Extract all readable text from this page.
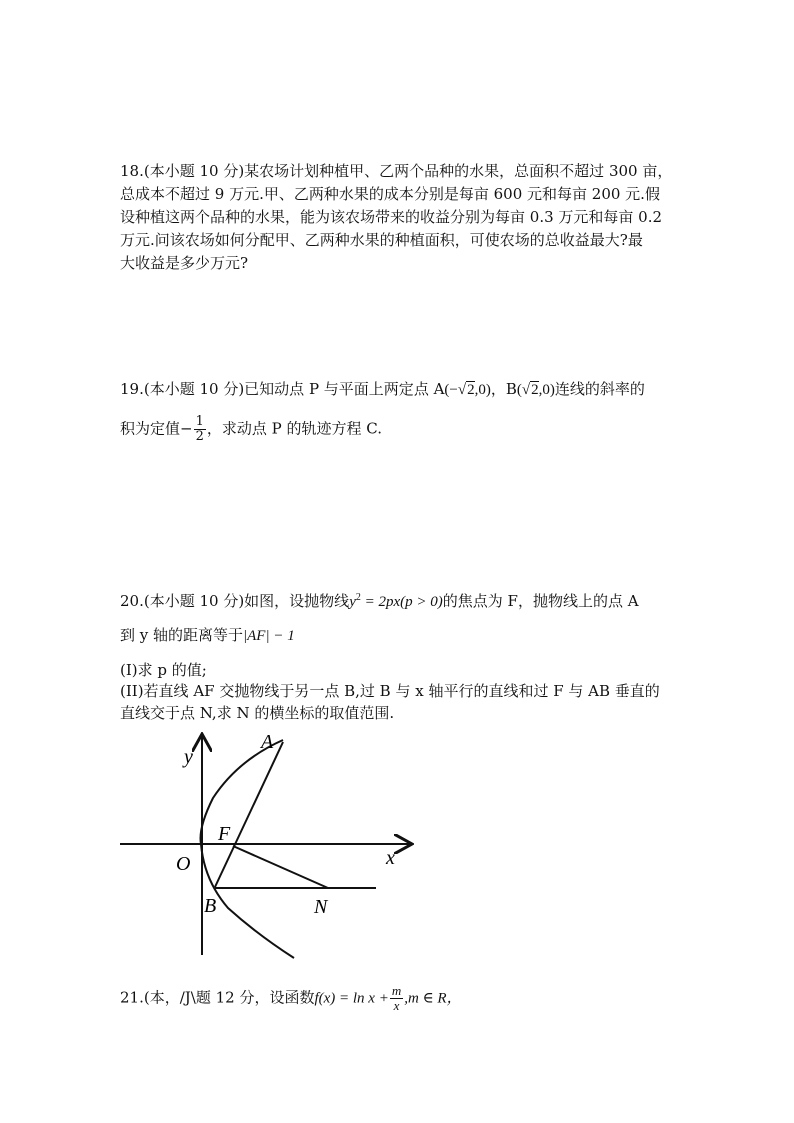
18.(本小题 10 分)某农场计划种植甲、乙两个品种的水果，总面积不超过 300 亩，

总成本不超过 9 万元.甲、乙两种水果的成本分别是每亩 600 元和每亩 200 元.假

设种植这两个品种的水果，能为该农场带来的收益分别为每亩 0.3 万元和每亩 0.2

万元.问该农场如何分配甲、乙两种水果的种植面积，可使农场的总收益最大?最

大收益是多少万元?

19.(本小题 10 分)已知动点 P 与平面上两定点 A(−√2,0)，B(√2,0)连线的斜率的

积为定值− $\frac{1}{2}$ ，求动点 P 的轨迹方程 C.

20.(本小题 10 分)如图，设抛物线$y^2 = 2px(p > 0)$的焦点为 F，抛物线上的点 A

到 y 轴的距离等于|AF| − 1

(I)求 p 的值;

(II)若直线 AF 交抛物线于另一点 B,过 B 与 x 轴平行的直线和过 F 与 AB 垂直的

直线交于点 N,求 N 的横坐标的取值范围.

y
x
O
F
A
B	N

21.(本，/J\题 12 分，设函数$f(x) = \ln x + \frac{m}{x} ,m$ ∈ R，
